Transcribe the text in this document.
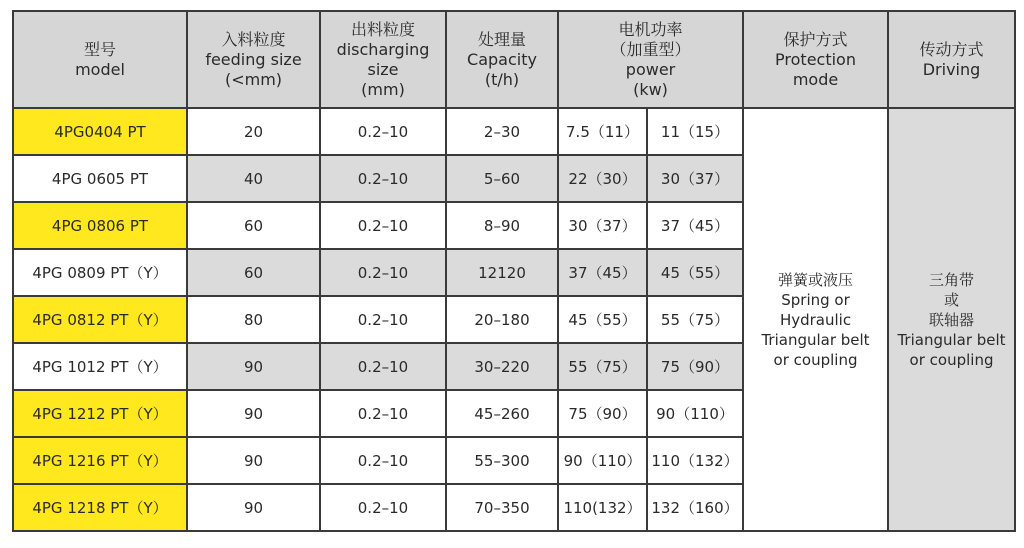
型号
model	入料粒度
feeding size
(<mm)	出料粒度
discharging
size
(mm)	处理量
Capacity
(t/h)	电机功率
（加重型）
power
(kw)		保护方式
Protection
mode	传动方式
Driving

4PG0404 PT	20	0.2–10	2–30	7.5（11）	11（15）	弹簧或液压
Spring or
Hydraulic
Triangular belt
or coupling	三角带
或
联轴器
Triangular belt
or coupling

4PG 0605 PT	40	0.2–10	5–60	22（30）	30（37）		
4PG 0806 PT	60	0.2–10	8–90	30（37）	37（45）		
4PG 0809 PT（Y）	60	0.2–10	12120	37（45）	45（55）		
4PG 0812 PT（Y）	80	0.2–10	20–180	45（55）	55（75）		
4PG 1012 PT（Y）	90	0.2–10	30–220	55（75）	75（90）		
4PG 1212 PT（Y）	90	0.2–10	45–260	75（90）	90（110）		
4PG 1216 PT（Y）	90	0.2–10	55–300	90（110）	110（132）		
4PG 1218 PT（Y）	90	0.2–10	70–350	110(132）	132（160）		
